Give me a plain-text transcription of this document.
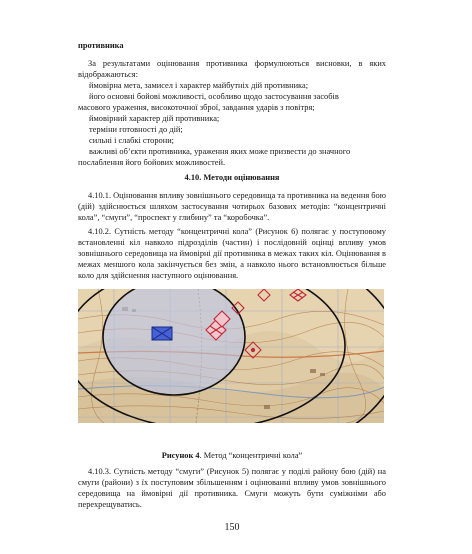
противника
За результатами оцінювання противника формулюються висновки, в яких відображаються:
ймовірна мета, замисел і характер майбутніх дій противника;
його основні бойові можливості, особливо щодо застосування засобів
масового ураження, високоточної зброї, завдання ударів з повітря;
ймовірний характер дій противника;
терміни готовності до дій;
сильні і слабкі сторони;
важливі об’єкти противника, ураження яких може призвести до значного
послаблення його бойових можливостей.
4.10. Методи оцінювання
4.10.1. Оцінювання впливу зовнішнього середовища та противника на ведення бою (дій) здійснюється шляхом застосування чотирьох базових методів: “концентричні кола”, “смуги”, “проспект у глибину” та “коробочка”.
4.10.2. Сутність методу “концентричні кола” (Рисунок 6) полягає у поступовому встановленні кіл навколо підрозділів (частин) і послідовній оцінці впливу умов зовнішнього середовища на ймовірні дії противника в межах таких кіл. Оцінювання в межах меншого кола закінчується без змін, а навколо нього встановлюється більше коло для здійснення наступного оцінювання.
Рисунок 4. Метод “концентричні кола”
4.10.3. Сутність методу “смуги” (Рисунок 5) полягає у поділі району бою (дій) на смуги (райони) з їх поступовим збільшенням і оцінюванні впливу умов зовнішнього середовища на ймовірні дії противника. Смуги можуть бути суміжніми або перехрещуватись.
150
